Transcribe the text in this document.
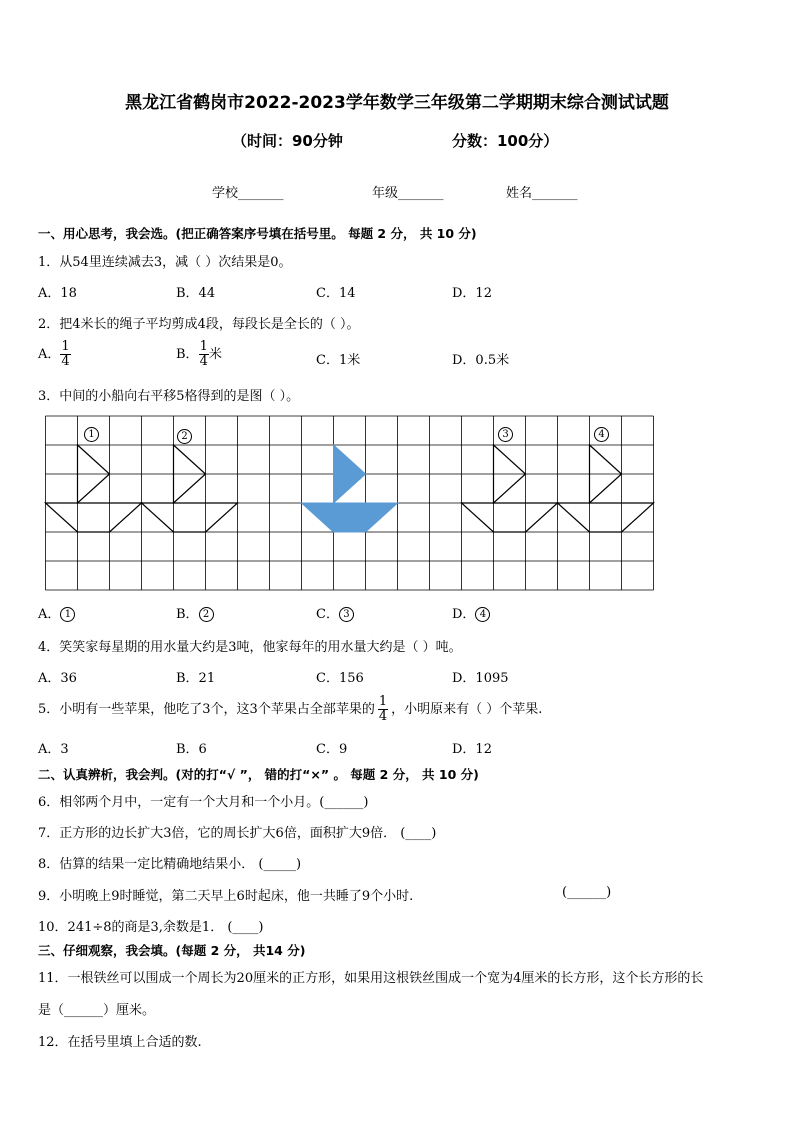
黑龙江省鹤岗市2022-2023学年数学三年级第二学期期末综合测试试题
（时间：90分钟	分数：100分）
学校_______	年级_______	姓名_______
一、用心思考，我会选。(把正确答案序号填在括号里。 每题 2 分， 共 10 分)
1．从54里连续减去3，减（ ）次结果是0。
A．18	B．44	C．14	D．12
2．把4米长的绳子平均剪成4段，每段长是全长的（ ）。
A． $\frac{1}{4}$	B． $\frac{1}{4}$ 米	C．1米	D．0.5米
3．中间的小船向右平移5格得到的是图（ ）。
1	2	3	4
A． 1	B． 2	C． 3	D． 4
4．笑笑家每星期的用水量大约是3吨，他家每年的用水量大约是（ ）吨。
A．36	B．21	C．156	D．1095
5．小明有一些苹果，他吃了3个，这3个苹果占全部苹果的 $\frac{1}{4}$ ，小明原来有（ ）个苹果.
A．3	B．6	C．9	D．12
二、认真辨析，我会判。(对的打“√ ”， 错的打“×” 。 每题 2 分， 共 10 分)
6．相邻两个月中，一定有一个大月和一个小月。(______)
7．正方形的边长扩大3倍，它的周长扩大6倍，面积扩大9倍． (____)
8．估算的结果一定比精确地结果小． (_____)
9．小明晚上9时睡觉，第二天早上6时起床，他一共睡了9个小时.	(______)
10．241÷8的商是3,余数是1． (____)
三、仔细观察，我会填。(每题 2 分， 共14 分)
11．一根铁丝可以围成一个周长为20厘米的正方形，如果用这根铁丝围成一个宽为4厘米的长方形，这个长方形的长
是（______）厘米。
12．在括号里填上合适的数.
